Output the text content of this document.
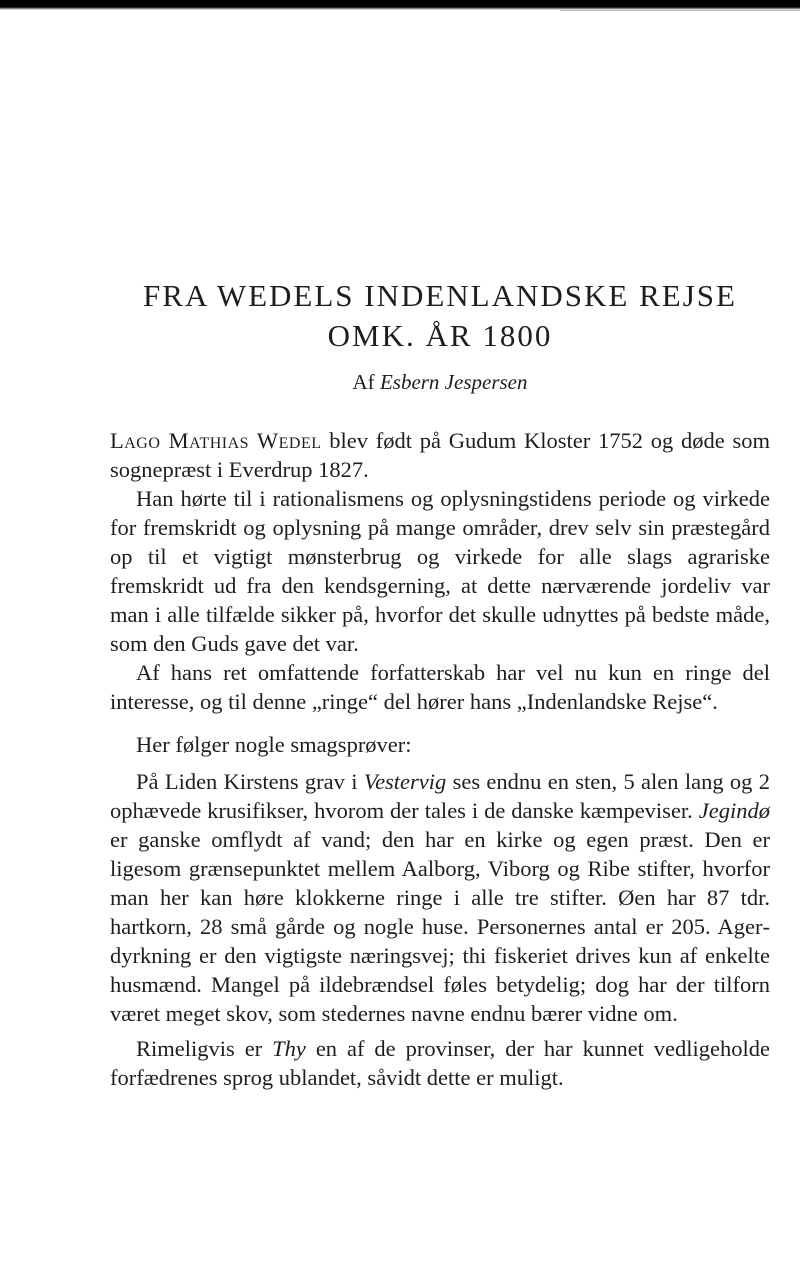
FRA WEDELS INDENLANDSKE REJSE
OMK. ÅR 1800
Af Esbern Jespersen

Lago Mathias Wedel blev født på Gudum Kloster 1752 og døde som sognepræst i Everdrup 1827.

Han hørte til i rationalismens og oplysningstidens periode og virkede for fremskridt og oplysning på mange områder, drev selv sin præstegård op til et vigtigt mønsterbrug og virkede for alle slags agrariske fremskridt ud fra den kendsgerning, at dette nærværende jordeliv var man i alle tilfælde sikker på, hvorfor det skulle udnyttes på bedste måde, som den Guds gave det var.

Af hans ret omfattende forfatterskab har vel nu kun en ringe del interesse, og til denne „ringe“ del hører hans „Indenlandske Rejse“.

Her følger nogle smagsprøver:

På Liden Kirstens grav i Vestervig ses endnu en sten, 5 alen lang og 2 ophævede krusifikser, hvorom der tales i de danske kæmpeviser. Jegindø er ganske omflydt af vand; den har en kirke og egen præst. Den er ligesom grænsepunktet mellem Aalborg, Viborg og Ribe stifter, hvorfor man her kan høre klokkerne ringe i alle tre stifter. Øen har 87 tdr. hartkorn, 28 små gårde og nogle huse. Personernes antal er 205. Agerdyrkning er den vigtigste næringsvej; thi fiskeriet drives kun af enkelte husmænd. Mangel på ildebrændsel føles betydelig; dog har der tilforn været meget skov, som stedernes navne endnu bærer vidne om.

Rimeligvis er Thy en af de provinser, der har kunnet vedligeholde forfædrenes sprog ublandet, såvidt dette er muligt.
